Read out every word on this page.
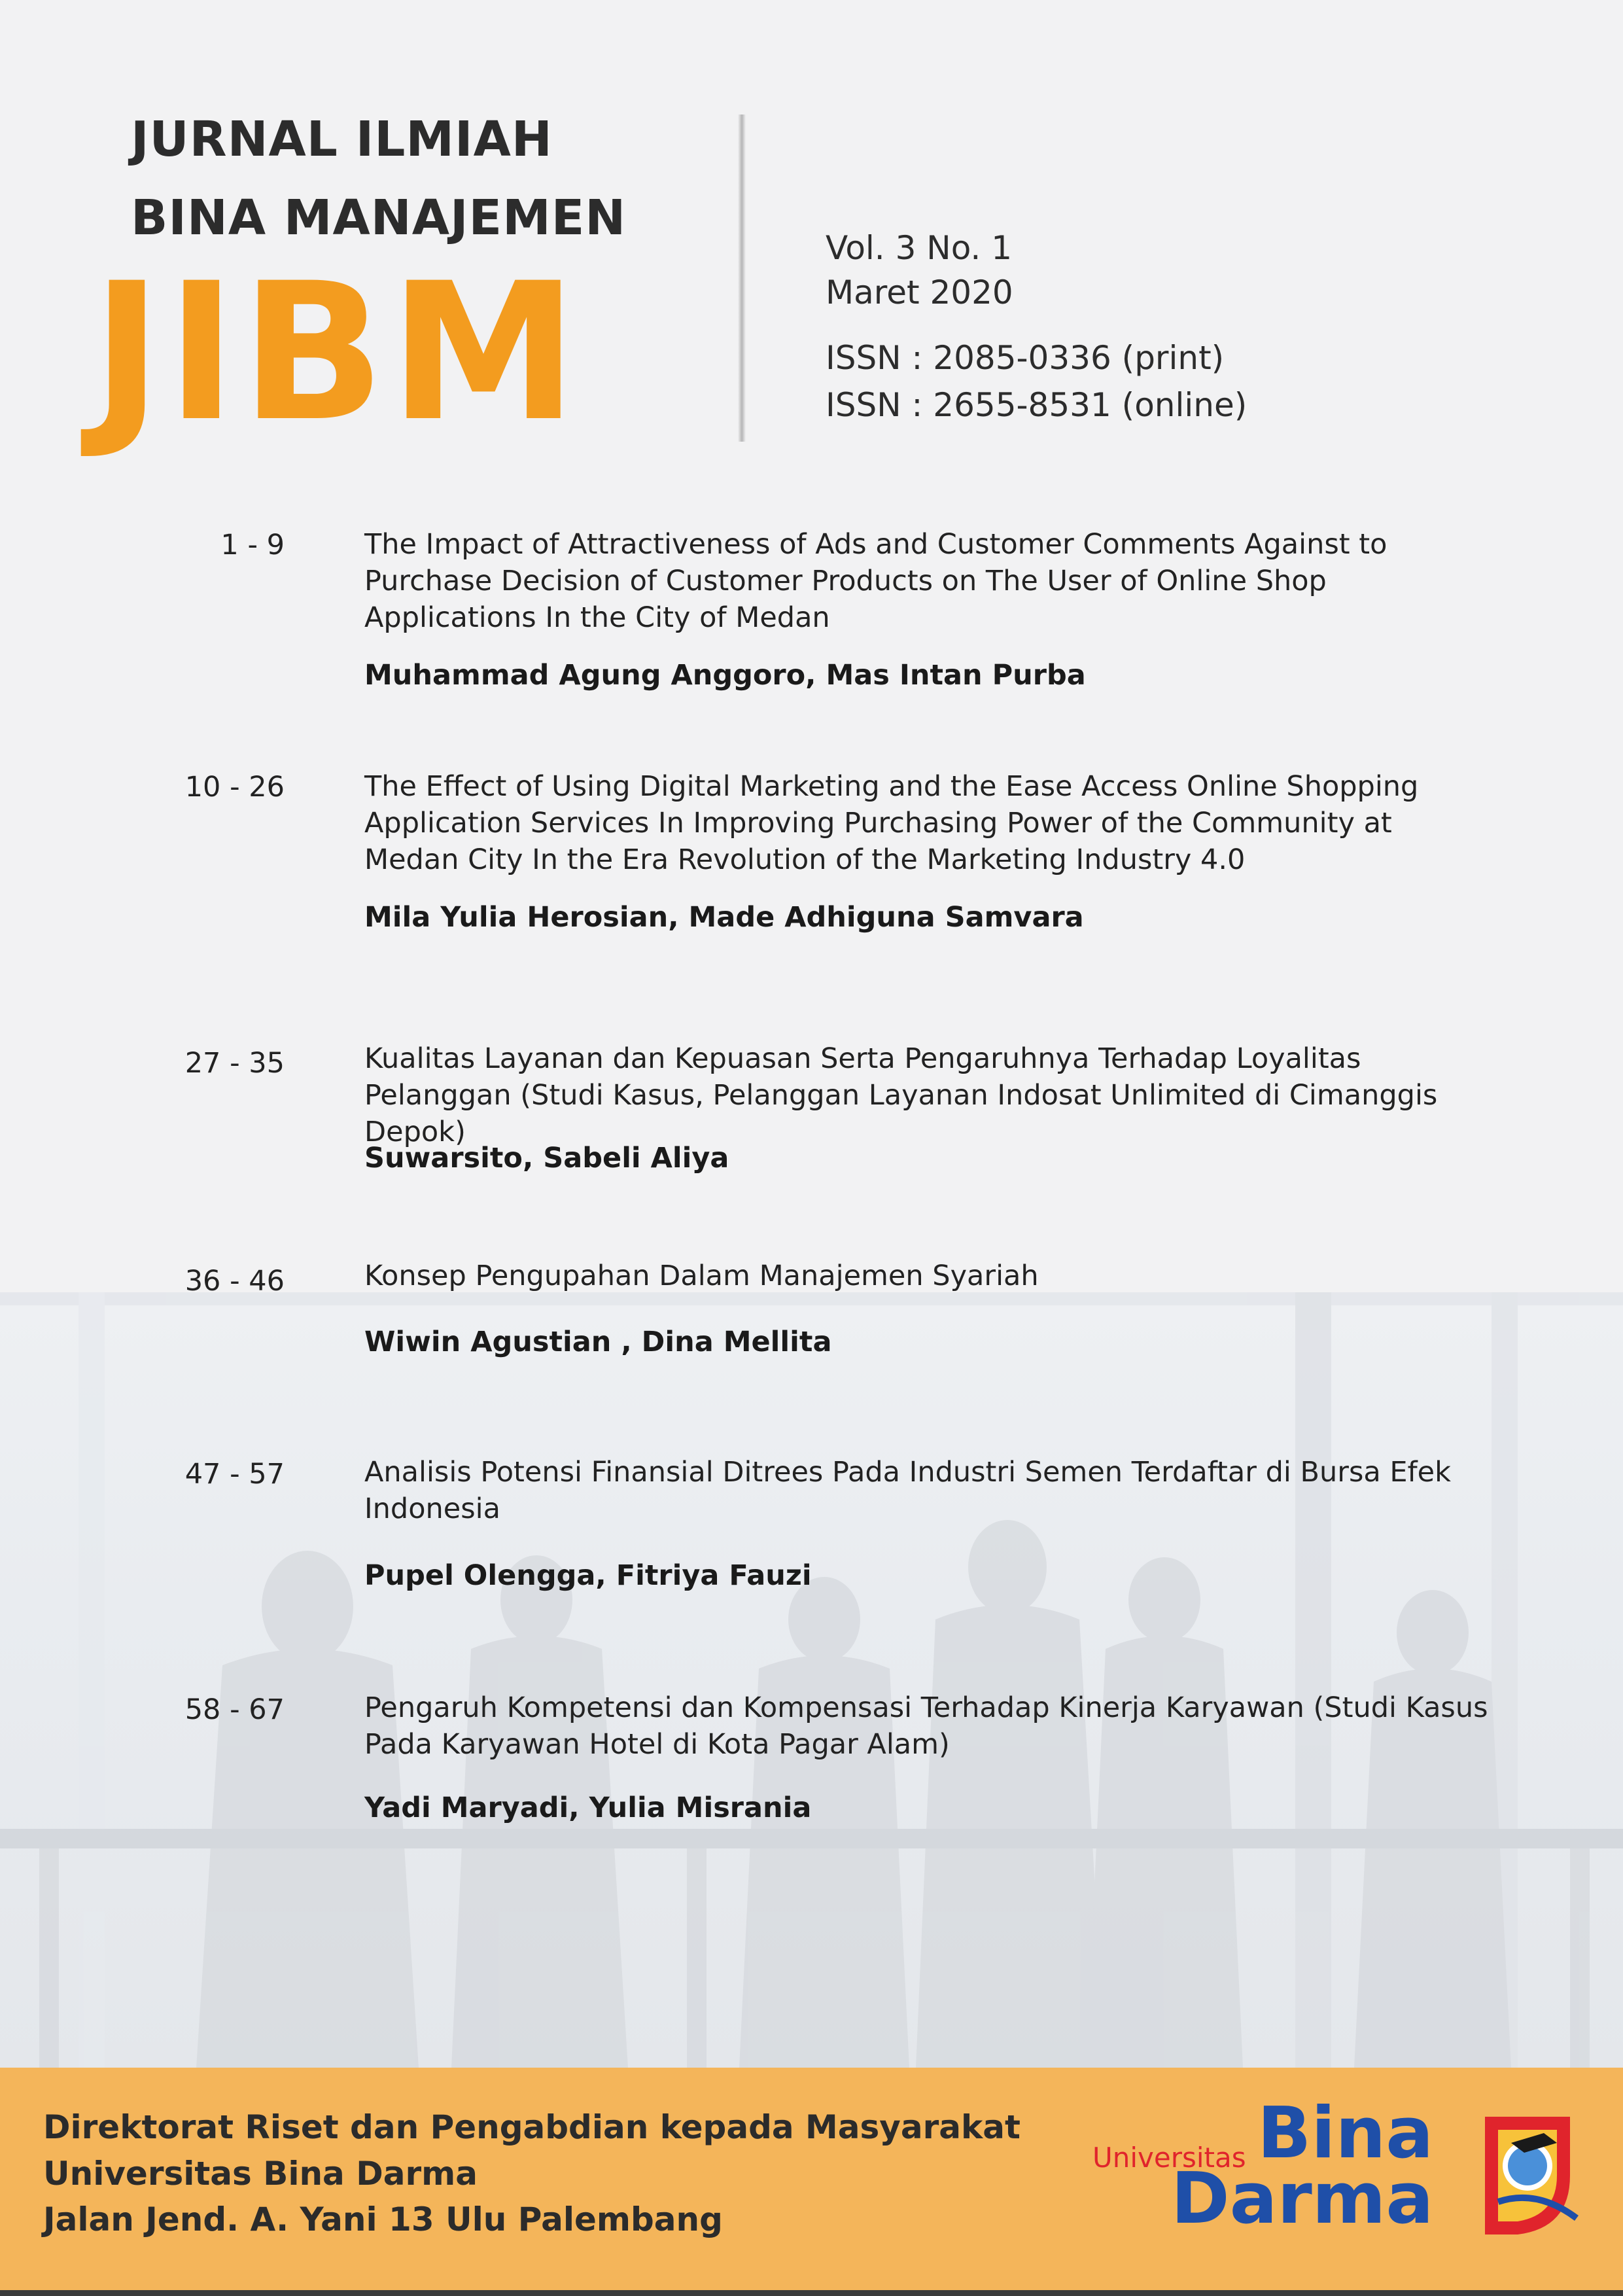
JURNAL ILMIAH
BINA MANAJEMEN
JIBM	Vol. 3 No. 1
Maret 2020
ISSN : 2085-0336 (print)
ISSN : 2655-8531 (online)
1 - 9	The Impact of Attractiveness of Ads and Customer Comments Against to Purchase Decision of Customer Products on The User of Online Shop Applications In the City of Medan
Muhammad Agung Anggoro, Mas Intan Purba
10 - 26	The Effect of Using Digital Marketing and the Ease Access Online Shopping Application Services In Improving Purchasing Power of the Community at Medan City In the Era Revolution of the Marketing Industry 4.0
Mila Yulia Herosian, Made Adhiguna Samvara
27 - 35	Kualitas Layanan dan Kepuasan Serta Pengaruhnya Terhadap Loyalitas Pelanggan (Studi Kasus, Pelanggan Layanan Indosat Unlimited di Cimanggis Depok)
Suwarsito, Sabeli Aliya
36 - 46	Konsep Pengupahan Dalam Manajemen Syariah
Wiwin Agustian , Dina Mellita
47 - 57	Analisis Potensi Finansial Ditrees Pada Industri Semen Terdaftar di Bursa Efek Indonesia
Pupel Olengga, Fitriya Fauzi
58 - 67	Pengaruh Kompetensi dan Kompensasi Terhadap Kinerja Karyawan (Studi Kasus Pada Karyawan Hotel di Kota Pagar Alam)
Yadi Maryadi, Yulia Misrania
Direktorat Riset dan Pengabdian kepada Masyarakat
Universitas Bina Darma
Jalan Jend. A. Yani 13 Ulu Palembang
Universitas Bina
Darma
